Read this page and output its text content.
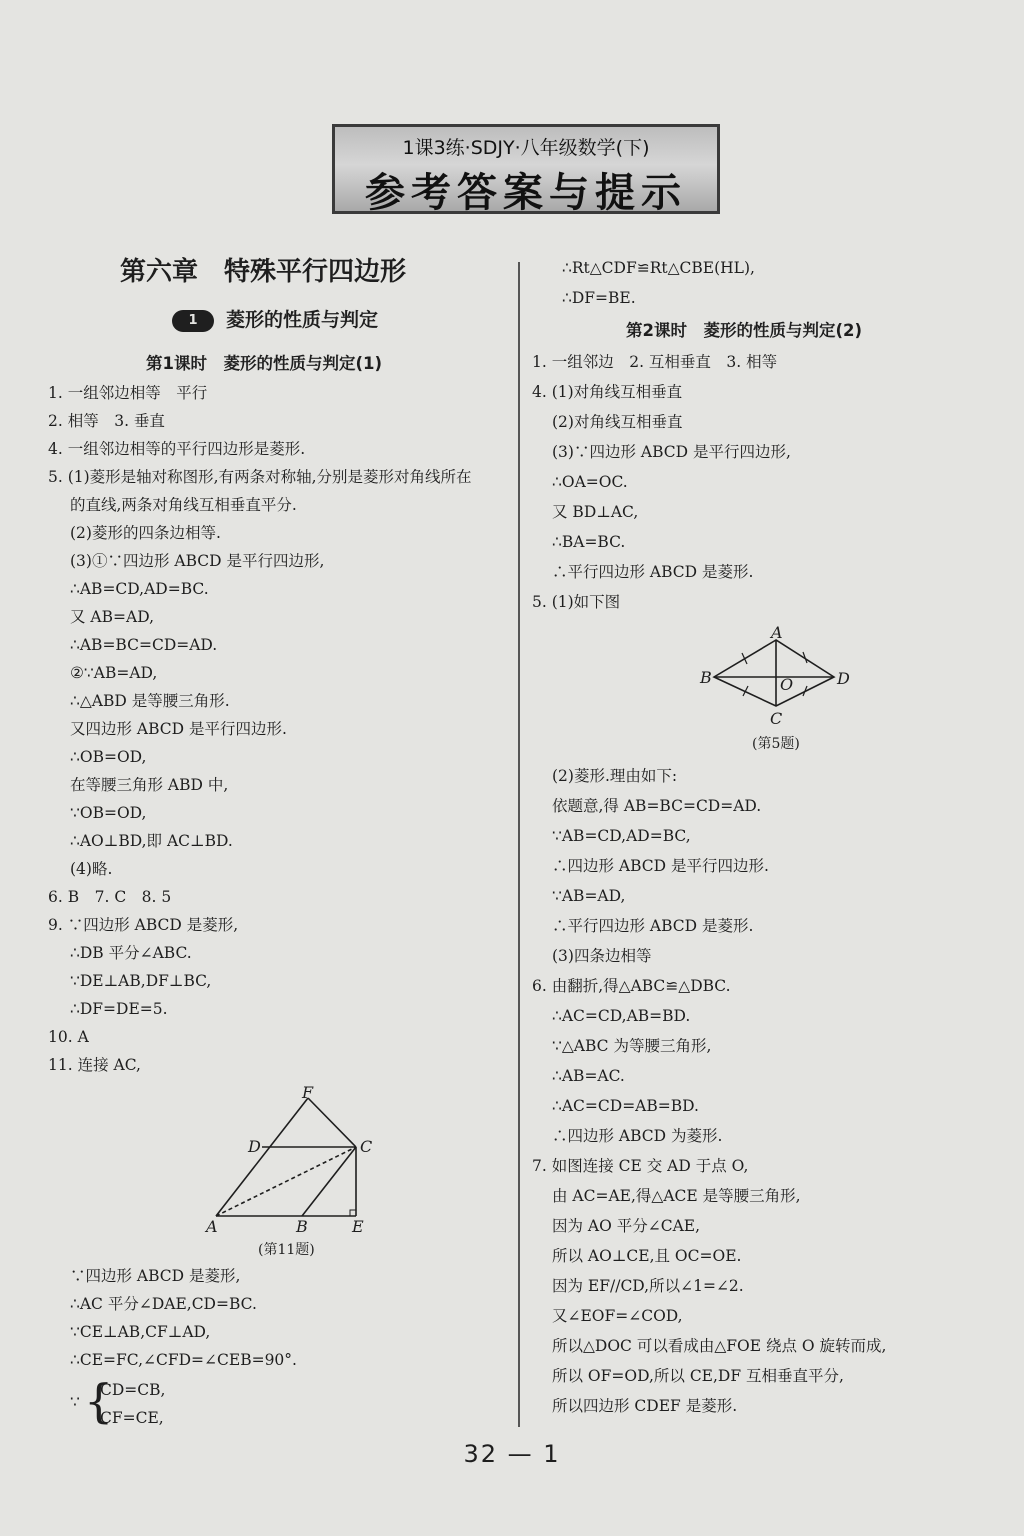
1课3练·SDJY·八年级数学(下)
参考答案与提示
第六章　特殊平行四边形
1 菱形的性质与判定
第1课时　菱形的性质与判定(1)
1. 一组邻边相等　平行
2. 相等　3. 垂直
4. 一组邻边相等的平行四边形是菱形.
5. (1)菱形是轴对称图形,有两条对称轴,分别是菱形对角线所在
的直线,两条对角线互相垂直平分.
(2)菱形的四条边相等.
(3)①∵四边形 ABCD 是平行四边形,
∴AB=CD,AD=BC.
又 AB=AD,
∴AB=BC=CD=AD.
②∵AB=AD,
∴△ABD 是等腰三角形.
又四边形 ABCD 是平行四边形.
∴OB=OD,
在等腰三角形 ABD 中,
∵OB=OD,
∴AO⊥BD,即 AC⊥BD.
(4)略.
6. B　7. C　8. 5
9. ∵四边形 ABCD 是菱形,
∴DB 平分∠ABC.
∵DE⊥AB,DF⊥BC,
∴DF=DE=5.
10. A
11. 连接 AC,
F
D	C
A	B	E
(第11题)
∵四边形 ABCD 是菱形,
∴AC 平分∠DAE,CD=BC.
∵CE⊥AB,CF⊥AD,
∴CE=FC,∠CFD=∠CEB=90°.
∵ {
CD=CB,
CF=CE,
∴Rt△CDF≌Rt△CBE(HL),
∴DF=BE.
第2课时　菱形的性质与判定(2)
1. 一组邻边　2. 互相垂直　3. 相等
4. (1)对角线互相垂直
(2)对角线互相垂直
(3)∵四边形 ABCD 是平行四边形,
∴OA=OC.
又 BD⊥AC,
∴BA=BC.
∴平行四边形 ABCD 是菱形.
5. (1)如下图
A
B	O	D
C
(第5题)
(2)菱形.理由如下:
依题意,得 AB=BC=CD=AD.
∵AB=CD,AD=BC,
∴四边形 ABCD 是平行四边形.
∵AB=AD,
∴平行四边形 ABCD 是菱形.
(3)四条边相等
6. 由翻折,得△ABC≌△DBC.
∴AC=CD,AB=BD.
∵△ABC 为等腰三角形,
∴AB=AC.
∴AC=CD=AB=BD.
∴四边形 ABCD 为菱形.
7. 如图连接 CE 交 AD 于点 O,
由 AC=AE,得△ACE 是等腰三角形,
因为 AO 平分∠CAE,
所以 AO⊥CE,且 OC=OE.
因为 EF//CD,所以∠1=∠2.
又∠EOF=∠COD,
所以△DOC 可以看成由△FOE 绕点 O 旋转而成,
所以 OF=OD,所以 CE,DF 互相垂直平分,
所以四边形 CDEF 是菱形.
32 — 1
